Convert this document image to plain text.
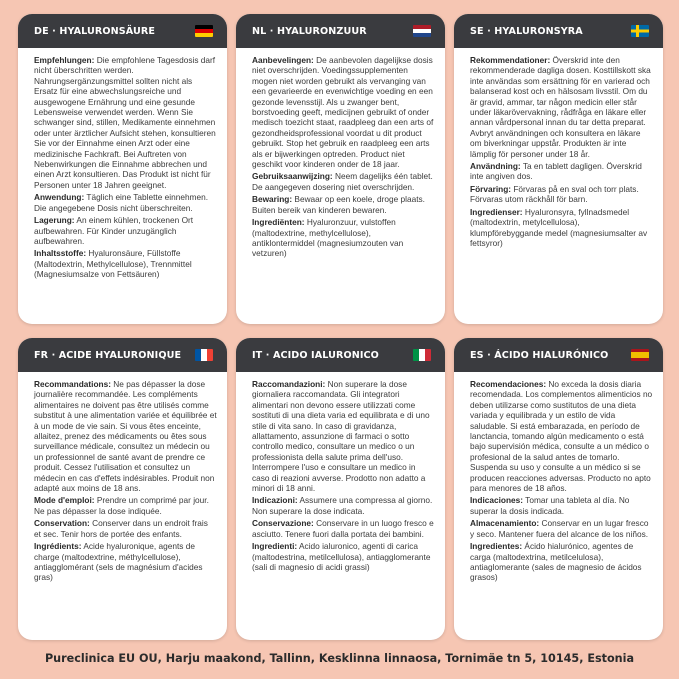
DE · HYALURONSÄURE

Empfehlungen: Die empfohlene Tagesdosis darf nicht überschritten werden. Nahrungsergänzungsmittel sollten nicht als Ersatz für eine abwechslungsreiche und ausgewogene Ernährung und eine gesunde Lebensweise verwendet werden. Wenn Sie schwanger sind, stillen, Medikamente einnehmen oder unter ärztlicher Aufsicht stehen, konsultieren Sie vor der Einnahme einen Arzt oder eine medizinische Fachkraft. Bei Auftreten von Nebenwirkungen die Einnahme abbrechen und einen Arzt konsultieren. Das Produkt ist nicht für Personen unter 18 Jahren geeignet.

Anwendung: Täglich eine Tablette einnehmen. Die angegebene Dosis nicht überschreiten.

Lagerung: An einem kühlen, trockenen Ort aufbewahren. Für Kinder unzugänglich aufbewahren.

Inhaltsstoffe: Hyaluronsäure, Füllstoffe (Maltodextrin, Methylcellulose), Trennmittel (Magnesiumsalze von Fettsäuren)

NL · HYALURONZUUR

Aanbevelingen: De aanbevolen dagelijkse dosis niet overschrijden. Voedingssupplementen mogen niet worden gebruikt als vervanging van een gevarieerde en evenwichtige voeding en een gezonde levensstijl. Als u zwanger bent, borstvoeding geeft, medicijnen gebruikt of onder medisch toezicht staat, raadpleeg dan een arts of gezondheidsprofessional voordat u dit product gebruikt. Stop het gebruik en raadpleeg een arts als er bijwerkingen optreden. Product niet geschikt voor kinderen onder de 18 jaar.

Gebruiksaanwijzing: Neem dagelijks één tablet. De aangegeven dosering niet overschrijden.

Bewaring: Bewaar op een koele, droge plaats. Buiten bereik van kinderen bewaren.

Ingrediënten: Hyaluronzuur, vulstoffen (maltodextrine, methylcellulose), antiklontermiddel (magnesiumzouten van vetzuren)

SE · HYALURONSYRA

Rekommendationer: Överskrid inte den rekommenderade dagliga dosen. Kosttillskott ska inte användas som ersättning för en varierad och balanserad kost och en hälsosam livsstil. Om du är gravid, ammar, tar någon medicin eller står under läkarövervakning, rådfråga en läkare eller annan vårdpersonal innan du tar detta preparat. Avbryt användningen och konsultera en läkare om biverkningar uppstår. Produkten är inte lämplig för personer under 18 år.

Användning: Ta en tablett dagligen. Överskrid inte angiven dos.

Förvaring: Förvaras på en sval och torr plats. Förvaras utom räckhåll för barn.

Ingredienser: Hyaluronsyra, fyllnadsmedel (maltodextrin, metylcellulosa), klumpförebyggande medel (magnesiumsalter av fettsyror)

FR · ACIDE HYALURONIQUE

Recommandations: Ne pas dépasser la dose journalière recommandée. Les compléments alimentaires ne doivent pas être utilisés comme substitut à une alimentation variée et équilibrée et à un mode de vie sain. Si vous êtes enceinte, allaitez, prenez des médicaments ou êtes sous surveillance médicale, consultez un médecin ou un professionnel de santé avant de prendre ce produit. Cessez l'utilisation et consultez un médecin en cas d'effets indésirables. Produit non adapté aux moins de 18 ans.

Mode d'emploi: Prendre un comprimé par jour. Ne pas dépasser la dose indiquée.

Conservation: Conserver dans un endroit frais et sec. Tenir hors de portée des enfants.

Ingrédients: Acide hyaluronique, agents de charge (maltodextrine, méthylcellulose), antiagglomérant (sels de magnésium d'acides gras)

IT · ACIDO IALURONICO

Raccomandazioni: Non superare la dose giornaliera raccomandata. Gli integratori alimentari non devono essere utilizzati come sostituti di una dieta varia ed equilibrata e di uno stile di vita sano. In caso di gravidanza, allattamento, assunzione di farmaci o sotto controllo medico, consultare un medico o un professionista della salute prima dell'uso. Interrompere l'uso e consultare un medico in caso di reazioni avverse. Prodotto non adatto a minori di 18 anni.

Indicazioni: Assumere una compressa al giorno. Non superare la dose indicata.

Conservazione: Conservare in un luogo fresco e asciutto. Tenere fuori dalla portata dei bambini.

Ingredienti: Acido ialuronico, agenti di carica (maltodestrina, metilcellulosa), antiagglomerante (sali di magnesio di acidi grassi)

ES · ÁCIDO HIALURÓNICO

Recomendaciones: No exceda la dosis diaria recomendada. Los complementos alimenticios no deben utilizarse como sustitutos de una dieta variada y equilibrada y un estilo de vida saludable. Si está embarazada, en período de lanctancia, tomando algún medicamento o está bajo supervisión médica, consulte a un médico o profesional de la salud antes de tomarlo. Suspenda su uso y consulte a un médico si se producen reacciones adversas. Producto no apto para menores de 18 años.

Indicaciones: Tomar una tableta al día. No superar la dosis indicada.

Almacenamiento: Conservar en un lugar fresco y seco. Mantener fuera del alcance de los niños.

Ingredientes: Ácido hialurónico, agentes de carga (maltodextrina, metilcelulosa), antiaglomerante (sales de magnesio de ácidos grasos)

Pureclinica EU OU, Harju maakond, Tallinn, Kesklinna linnaosa, Tornimäe tn 5, 10145, Estonia
